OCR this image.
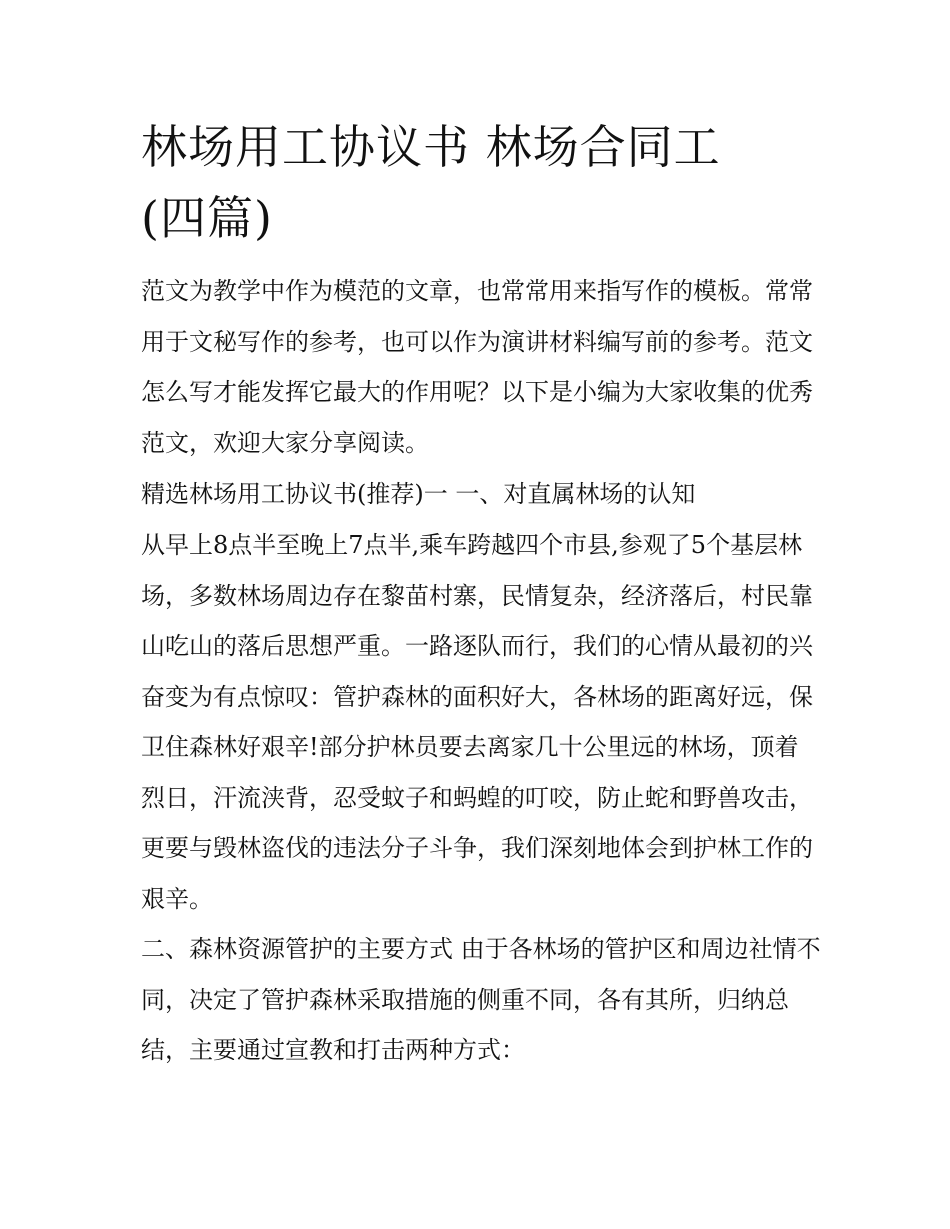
林场用工协议书 林场合同工
(四篇)

范文为教学中作为模范的文章，也常常用来指写作的模板。常常用于文秘写作的参考，也可以作为演讲材料编写前的参考。范文怎么写才能发挥它最大的作用呢？以下是小编为大家收集的优秀范文，欢迎大家分享阅读。

精选林场用工协议书(推荐)一 一、对直属林场的认知

从早上8点半至晚上7点半,乘车跨越四个市县,参观了5个基层林场，多数林场周边存在黎苗村寨，民情复杂，经济落后，村民靠山吃山的落后思想严重。一路逐队而行，我们的心情从最初的兴奋变为有点惊叹：管护森林的面积好大，各林场的距离好远，保卫住森林好艰辛!部分护林员要去离家几十公里远的林场，顶着烈日，汗流浃背，忍受蚊子和蚂蝗的叮咬，防止蛇和野兽攻击，更要与毁林盗伐的违法分子斗争，我们深刻地体会到护林工作的艰辛。

二、森林资源管护的主要方式 由于各林场的管护区和周边社情不同，决定了管护森林采取措施的侧重不同，各有其所，归纳总结，主要通过宣教和打击两种方式：
